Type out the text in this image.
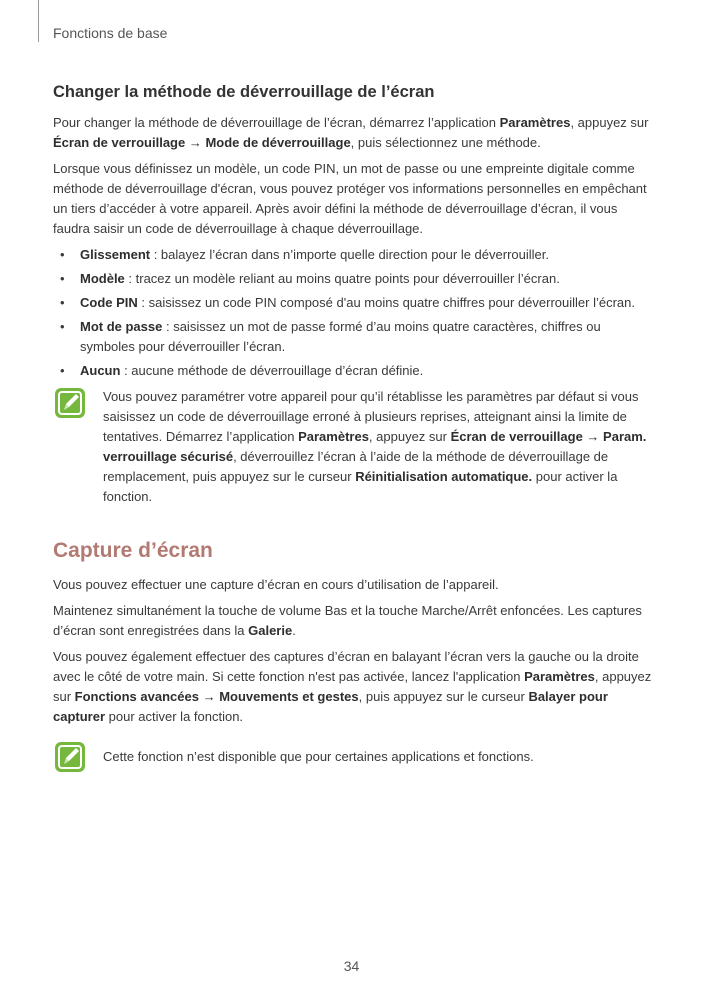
Fonctions de base
Changer la méthode de déverrouillage de l’écran

Pour changer la méthode de déverrouillage de l’écran, démarrez l’application Paramètres, appuyez sur Écran de verrouillage → Mode de déverrouillage, puis sélectionnez une méthode.

Lorsque vous définissez un modèle, un code PIN, un mot de passe ou une empreinte digitale comme méthode de déverrouillage d'écran, vous pouvez protéger vos informations personnelles en empêchant un tiers d’accéder à votre appareil. Après avoir défini la méthode de déverrouillage d’écran, il vous faudra saisir un code de déverrouillage à chaque déverrouillage.

• Glissement : balayez l’écran dans n’importe quelle direction pour le déverrouiller.
• Modèle : tracez un modèle reliant au moins quatre points pour déverrouiller l’écran.
• Code PIN : saisissez un code PIN composé d'au moins quatre chiffres pour déverrouiller l’écran.
• Mot de passe : saisissez un mot de passe formé d’au moins quatre caractères, chiffres ou symboles pour déverrouiller l’écran.
• Aucun : aucune méthode de déverrouillage d’écran définie.

Vous pouvez paramétrer votre appareil pour qu’il rétablisse les paramètres par défaut si vous saisissez un code de déverrouillage erroné à plusieurs reprises, atteignant ainsi la limite de tentatives. Démarrez l’application Paramètres, appuyez sur Écran de verrouillage → Param. verrouillage sécurisé, déverrouillez l’écran à l’aide de la méthode de déverrouillage de remplacement, puis appuyez sur le curseur Réinitialisation automatique. pour activer la fonction.

Capture d’écran

Vous pouvez effectuer une capture d’écran en cours d’utilisation de l’appareil.

Maintenez simultanément la touche de volume Bas et la touche Marche/Arrêt enfoncées. Les captures d’écran sont enregistrées dans la Galerie.

Vous pouvez également effectuer des captures d’écran en balayant l’écran vers la gauche ou la droite avec le côté de votre main. Si cette fonction n'est pas activée, lancez l'application Paramètres, appuyez sur Fonctions avancées → Mouvements et gestes, puis appuyez sur le curseur Balayer pour capturer pour activer la fonction.

Cette fonction n’est disponible que pour certaines applications et fonctions.

34
